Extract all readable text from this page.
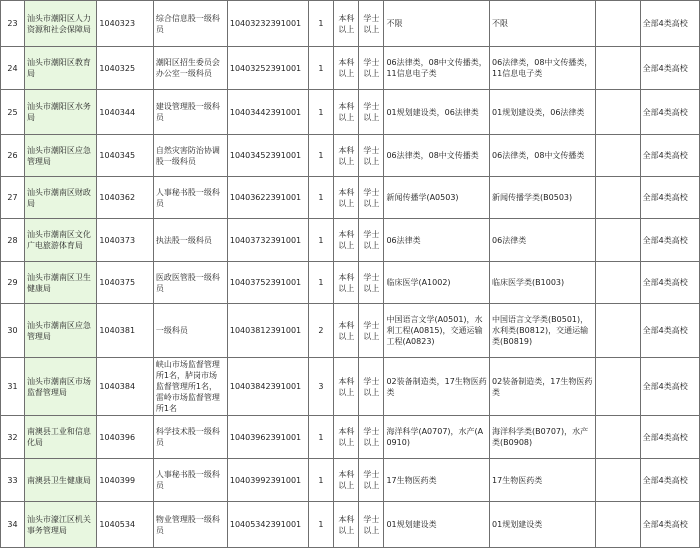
23	汕头市潮阳区人力资源和社会保障局	1040323	综合信息股一级科员	10403232391001	1	本科以上	学士以上	不限	不限		全部4类高校
24	汕头市潮阳区教育局	1040325	潮阳区招生委员会办公室一级科员	10403252391001	1	本科以上	学士以上	06法律类，08中文传播类，11信息电子类	06法律类，08中文传播类，11信息电子类		全部4类高校
25	汕头市潮阳区水务局	1040344	建设管理股一级科员	10403442391001	1	本科以上	学士以上	01规划建设类，06法律类	01规划建设类，06法律类		全部4类高校
26	汕头市潮阳区应急管理局	1040345	自然灾害防治协调股一级科员	10403452391001	1	本科以上	学士以上	06法律类，08中文传播类	06法律类，08中文传播类		全部4类高校
27	汕头市潮南区财政局	1040362	人事秘书股一级科员	10403622391001	1	本科以上	学士以上	新闻传播学(A0503)	新闻传播学类(B0503)		全部4类高校
28	汕头市潮南区文化广电旅游体育局	1040373	执法股一级科员	10403732391001	1	本科以上	学士以上	06法律类	06法律类		全部4类高校
29	汕头市潮南区卫生健康局	1040375	医政医管股一级科员	10403752391001	1	本科以上	学士以上	临床医学(A1002)	临床医学类(B1003)		全部4类高校
30	汕头市潮南区应急管理局	1040381	一级科员	10403812391001	2	本科以上	学士以上	中国语言文学(A0501)，水利工程(A0815)，交通运输工程(A0823)	中国语言文学类(B0501)，水利类(B0812)，交通运输类(B0819)		全部4类高校
31	汕头市潮南区市场监督管理局	1040384	峡山市场监督管理所1名，胪岗市场监督管理所1名，雷岭市场监督管理所1名	10403842391001	3	本科以上	学士以上	02装备制造类，17生物医药类	02装备制造类，17生物医药类		全部4类高校
32	南澳县工业和信息化局	1040396	科学技术股一级科员	10403962391001	1	本科以上	学士以上	海洋科学(A0707)，水产(A0910)	海洋科学类(B0707)，水产类(B0908)		全部4类高校
33	南澳县卫生健康局	1040399	人事秘书股一级科员	10403992391001	1	本科以上	学士以上	17生物医药类	17生物医药类		全部4类高校
34	汕头市濠江区机关事务管理局	1040534	物业管理股一级科员	10405342391001	1	本科以上	学士以上	01规划建设类	01规划建设类		全部4类高校
